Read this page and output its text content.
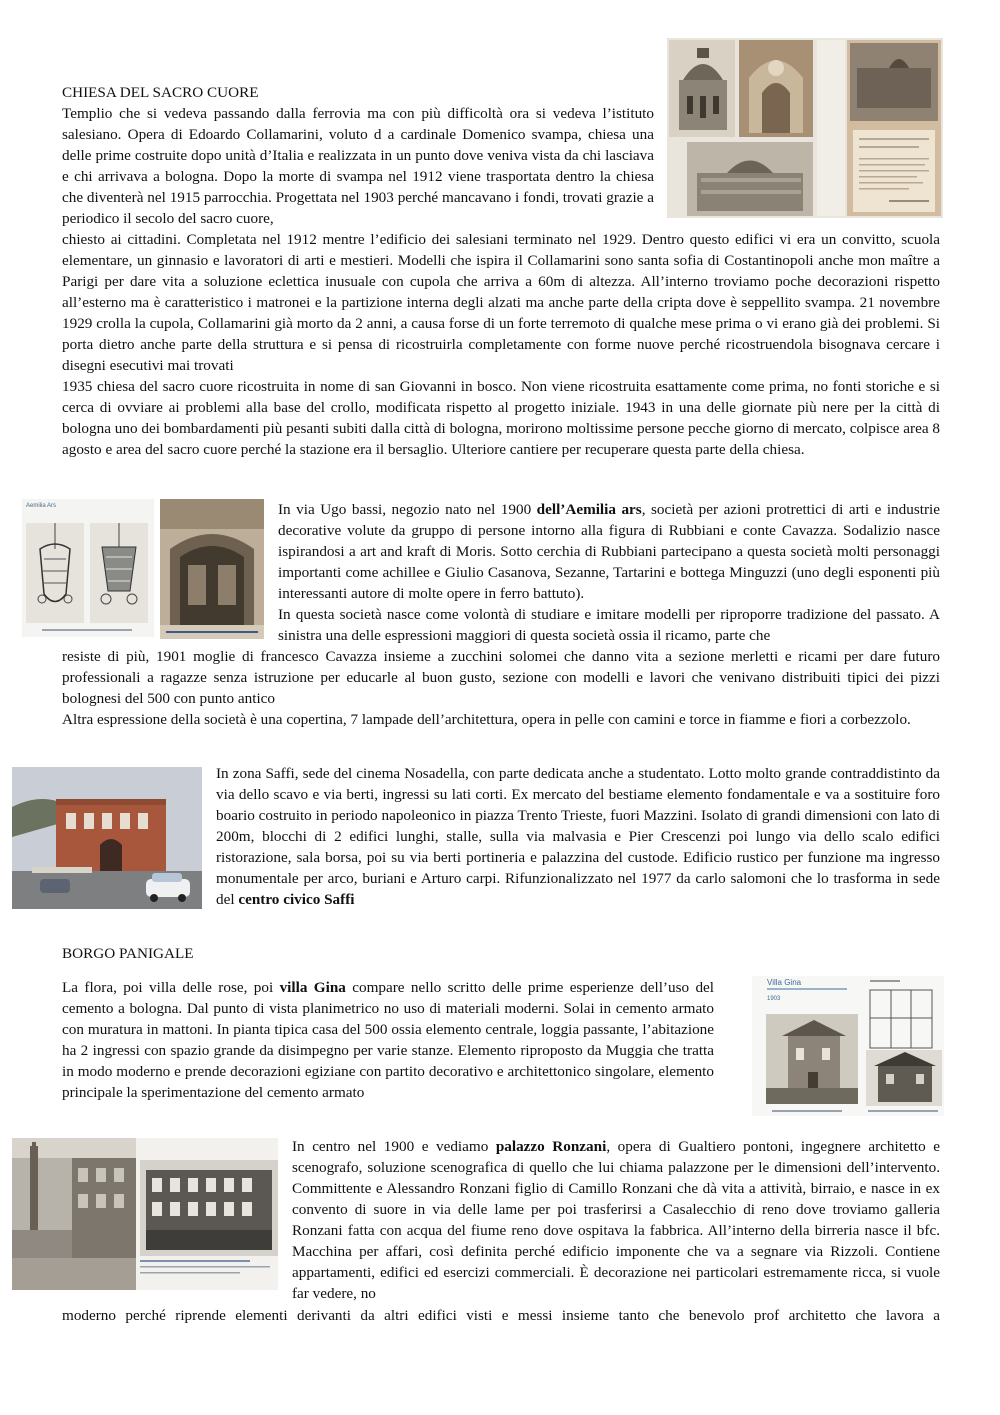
CHIESA DEL SACRO CUORE

Templio che si vedeva passando dalla ferrovia ma con più difficoltà ora si vedeva l’istituto salesiano. Opera di Edoardo Collamarini, voluto d a cardinale Domenico svampa, chiesa una delle prime costruite dopo unità d’Italia e realizzata in un punto dove veniva vista da chi lasciava e chi arrivava a bologna. Dopo la morte di svampa nel 1912 viene trasportata dentro la chiesa che diventerà nel 1915 parrocchia. Progettata nel 1903 perché mancavano i fondi, trovati grazie a periodico il secolo del sacro cuore,

chiesto ai cittadini. Completata nel 1912 mentre l’edificio dei salesiani terminato nel 1929. Dentro questo edifici vi era un convitto, scuola elementare, un ginnasio e lavoratori di arti e mestieri. Modelli che ispira il Collamarini sono santa sofia di Costantinopoli anche mon maître a Parigi per dare vita a soluzione eclettica inusuale con cupola che arriva a 60m di altezza. All’interno troviamo poche decorazioni rispetto all’esterno ma è caratteristico i matronei e la partizione interna degli alzati ma anche parte della cripta dove è seppellito svampa. 21 novembre 1929 crolla la cupola, Collamarini già morto da 2 anni, a causa forse di un forte terremoto di qualche mese prima o vi erano già dei problemi. Si porta dietro anche parte della struttura e si pensa di ricostruirla completamente con forme nuove perché ricostruendola bisognava cercare i disegni esecutivi mai trovati

1935 chiesa del sacro cuore ricostruita in nome di san Giovanni in bosco. Non viene ricostruita esattamente come prima, no fonti storiche e si cerca di ovviare ai problemi alla base del crollo, modificata rispetto al progetto iniziale. 1943 in una delle giornate più nere per la città di bologna uno dei bombardamenti più pesanti subiti dalla città di bologna, morirono moltissime persone pecche giorno di mercato, colpisce area 8 agosto e area del sacro cuore perché la stazione era il bersaglio. Ulteriore cantiere per recuperare questa parte della chiesa.

Aemilia Ars	In via Ugo bassi, negozio nato nel 1900 dell’Aemilia ars, società per azioni protrettici di arti e industrie decorative volute da gruppo di persone intorno alla figura di Rubbiani e conte Cavazza. Sodalizio nasce ispirandosi a art and kraft di Moris. Sotto cerchia di Rubbiani partecipano a questa società molti personaggi importanti come achillee e Giulio Casanova, Sezanne, Tartarini e bottega Minguzzi (uno degli esponenti più interessanti autore di molte opere in ferro battuto).

In questa società nasce come volontà di studiare e imitare modelli per riproporre tradizione del passato. A sinistra una delle espressioni maggiori di questa società ossia il ricamo, parte che

resiste di più, 1901 moglie di francesco Cavazza insieme a zucchini solomei che danno vita a sezione merletti e ricami per dare futuro professionali a ragazze senza istruzione per educarle al buon gusto, sezione con modelli e lavori che venivano distribuiti tipici dei pizzi bolognesi del 500 con punto antico

Altra espressione della società è una copertina, 7 lampade dell’architettura, opera in pelle con camini e torce in fiamme e fiori a corbezzolo.

In zona Saffi, sede del cinema Nosadella, con parte dedicata anche a studentato. Lotto molto grande contraddistinto da via dello scavo e via berti, ingressi su lati corti. Ex mercato del bestiame elemento fondamentale e va a sostituire foro boario costruito in periodo napoleonico in piazza Trento Trieste, fuori Mazzini. Isolato di grandi dimensioni con lato di 200m, blocchi di 2 edifici lunghi, stalle, sulla via malvasia e Pier Crescenzi poi lungo via dello scalo edifici ristorazione, sala borsa, poi su via berti portineria e palazzina del custode. Edificio rustico per funzione ma ingresso monumentale per arco, buriani e Arturo carpi. Rifunzionalizzato nel 1977 da carlo salomoni che lo trasforma in sede del centro civico Saffi

BORGO PANIGALE

La flora, poi villa delle rose, poi villa Gina compare nello scritto delle prime esperienze dell’uso del cemento a bologna. Dal punto di vista planimetrico no uso di materiali moderni. Solai in cemento armato con muratura in mattoni. In pianta tipica casa del 500 ossia elemento centrale, loggia passante, l’abitazione ha 2 ingressi con spazio grande da disimpegno per varie stanze. Elemento riproposto da Muggia che tratta in modo moderno e prende decorazioni egiziane con partito decorativo e architettonico singolare, elemento principale la sperimentazione del cemento armato

Villa Gina
1903

In centro nel 1900 e vediamo palazzo Ronzani, opera di Gualtiero pontoni, ingegnere architetto e scenografo, soluzione scenografica di quello che lui chiama palazzone per le dimensioni dell’intervento. Committente e Alessandro Ronzani figlio di Camillo Ronzani che dà vita a attività, birraio, e nasce in ex convento di suore in via delle lame per poi trasferirsi a Casalecchio di reno dove troviamo galleria Ronzani fatta con acqua del fiume reno dove ospitava la fabbrica. All’interno della birreria nasce il bfc. Macchina per affari, così definita perché edificio imponente che va a segnare via Rizzoli. Contiene appartamenti, edifici ed esercizi commerciali. È decorazione nei particolari estremamente ricca, si vuole far vedere, no

moderno perché riprende elementi derivanti da altri edifici visti e messi insieme tanto che benevolo prof architetto che lavora a
